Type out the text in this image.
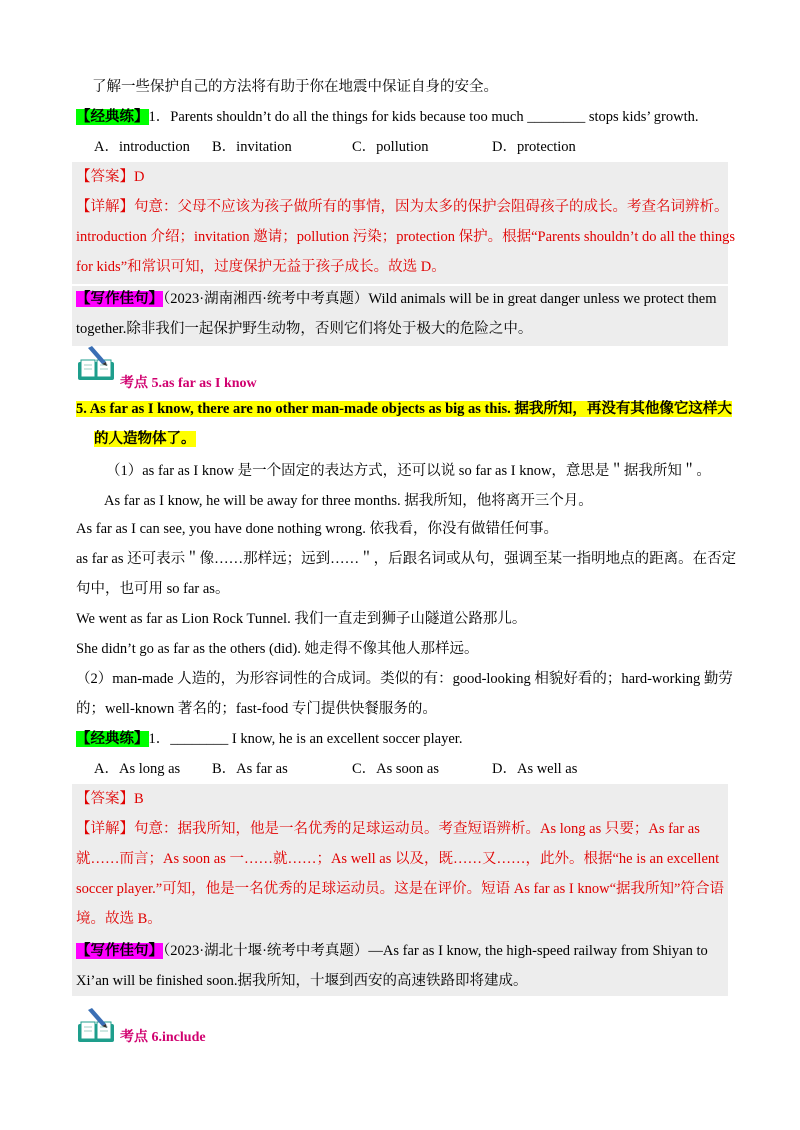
了解一些保护自己的方法将有助于你在地震中保证自身的安全。
【经典练】1．Parents shouldn’t do all the things for kids because too much ________ stops kids’ growth.
A．introduction B．invitation	C．pollution	D．protection
【答案】D
【详解】句意：父母不应该为孩子做所有的事情，因为太多的保护会阻碍孩子的成长。考查名词辨析。
introduction 介绍；invitation 邀请；pollution 污染；protection 保护。根据“Parents shouldn’t do all the things
for kids”和常识可知，过度保护无益于孩子成长。故选 D。
【写作佳句】（2023·湖南湘西·统考中考真题）Wild animals will be in great danger unless we protect them
together.除非我们一起保护野生动物，否则它们将处于极大的危险之中。
考点 5.as far as I know
5. As far as I know, there are no other man-made objects as big as this. 据我所知，再没有其他像它这样大
的人造物体了。
（1）as far as I know 是一个固定的表达方式，还可以说 so far as I know，意思是＂据我所知＂。
As far as I know, he will be away for three months. 据我所知，他将离开三个月。
As far as I can see, you have done nothing wrong. 依我看，你没有做错任何事。
as far as 还可表示＂像……那样远；远到……＂，后跟名词或从句，强调至某一指明地点的距离。在否定
句中，也可用 so far as。
We went as far as Lion Rock Tunnel. 我们一直走到狮子山隧道公路那儿。
She didn’t go as far as the others (did). 她走得不像其他人那样远。
（2）man-made 人造的，为形容词性的合成词。类似的有：good-looking 相貌好看的；hard-working 勤劳
的；well-known 著名的；fast-food 专门提供快餐服务的。
【经典练】1．________ I know, he is an excellent soccer player.
A．As long as B．As far as	C．As soon as	D．As well as
【答案】B
【详解】句意：据我所知，他是一名优秀的足球运动员。考查短语辨析。As long as 只要；As far as
就……而言；As soon as 一……就……；As well as 以及，既……又……，此外。根据“he is an excellent
soccer player.”可知，他是一名优秀的足球运动员。这是在评价。短语 As far as I know“据我所知”符合语
境。故选 B。
【写作佳句】（2023·湖北十堰·统考中考真题）—As far as I know, the high-speed railway from Shiyan to
Xi’an will be finished soon.据我所知，十堰到西安的高速铁路即将建成。
考点 6.include
